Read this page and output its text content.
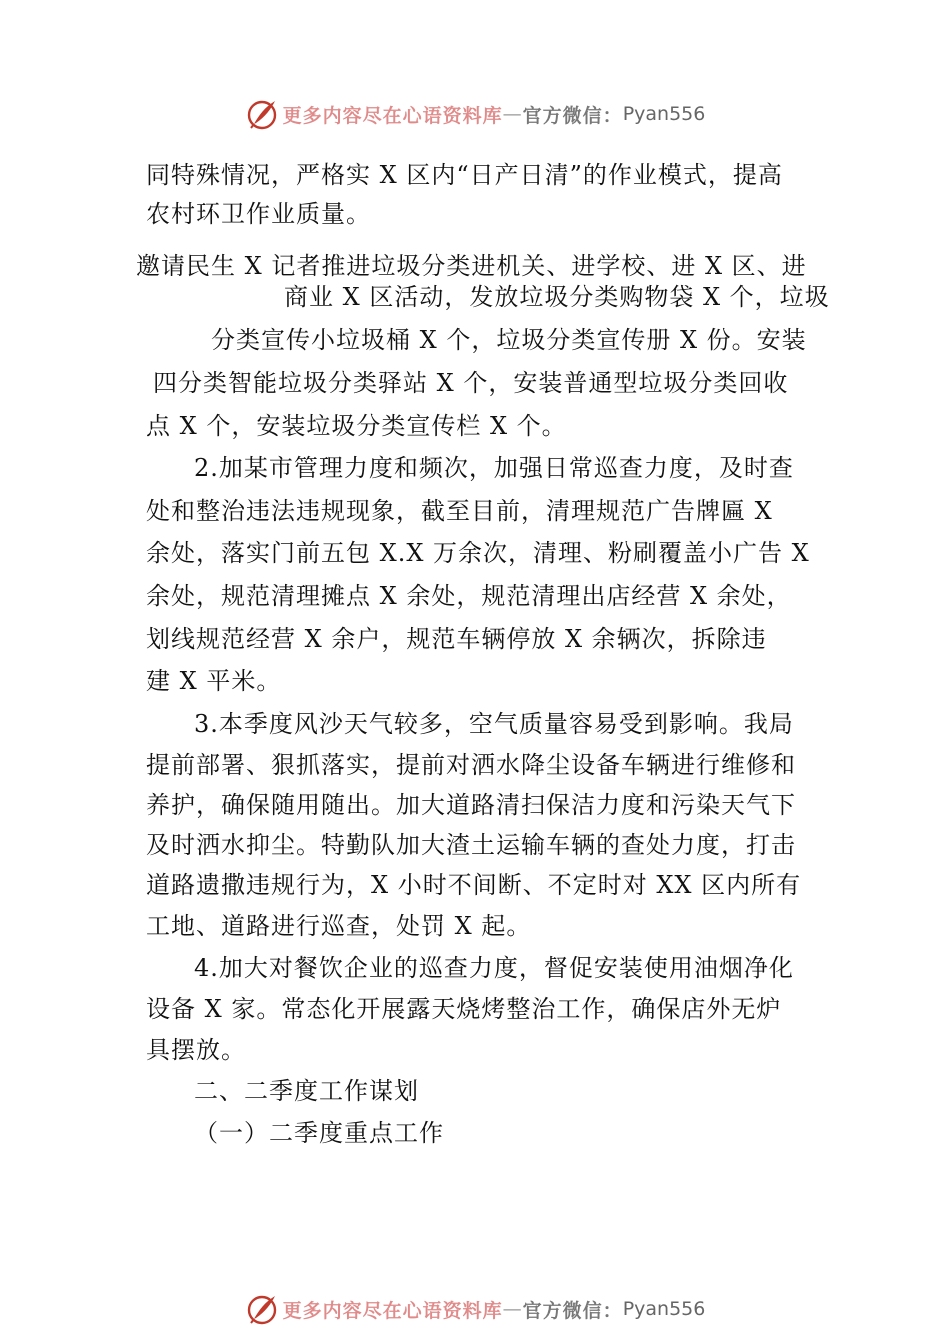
更多内容尽在心语资料库 — 官方微信： Pyan556
同特殊情况，严格实 X 区内“日产日清”的作业模式，提高
农村环卫作业质量。
邀请民生 X 记者推进垃圾分类进机关、进学校、进 X 区、进
商业 X 区活动，发放垃圾分类购物袋 X 个，垃圾
分类宣传小垃圾桶 X 个，垃圾分类宣传册 X 份。安装
四分类智能垃圾分类驿站 X 个，安装普通型垃圾分类回收
点 X 个，安装垃圾分类宣传栏 X 个。
2.加某市管理力度和频次，加强日常巡查力度，及时查
处和整治违法违规现象，截至目前，清理规范广告牌匾 X
余处，落实门前五包 X.X 万余次，清理、粉刷覆盖小广告 X
余处，规范清理摊点 X 余处，规范清理出店经营 X 余处，
划线规范经营 X 余户，规范车辆停放 X 余辆次，拆除违
建 X 平米。
3.本季度风沙天气较多，空气质量容易受到影响。我局
提前部署、狠抓落实，提前对洒水降尘设备车辆进行维修和
养护，确保随用随出。加大道路清扫保洁力度和污染天气下
及时洒水抑尘。特勤队加大渣土运输车辆的查处力度，打击
道路遗撒违规行为，X 小时不间断、不定时对 XX 区内所有
工地、道路进行巡查，处罚 X 起。
4.加大对餐饮企业的巡查力度，督促安装使用油烟净化
设备 X 家。常态化开展露天烧烤整治工作，确保店外无炉
具摆放。
二、二季度工作谋划
（一）二季度重点工作
更多内容尽在心语资料库 — 官方微信： Pyan556
